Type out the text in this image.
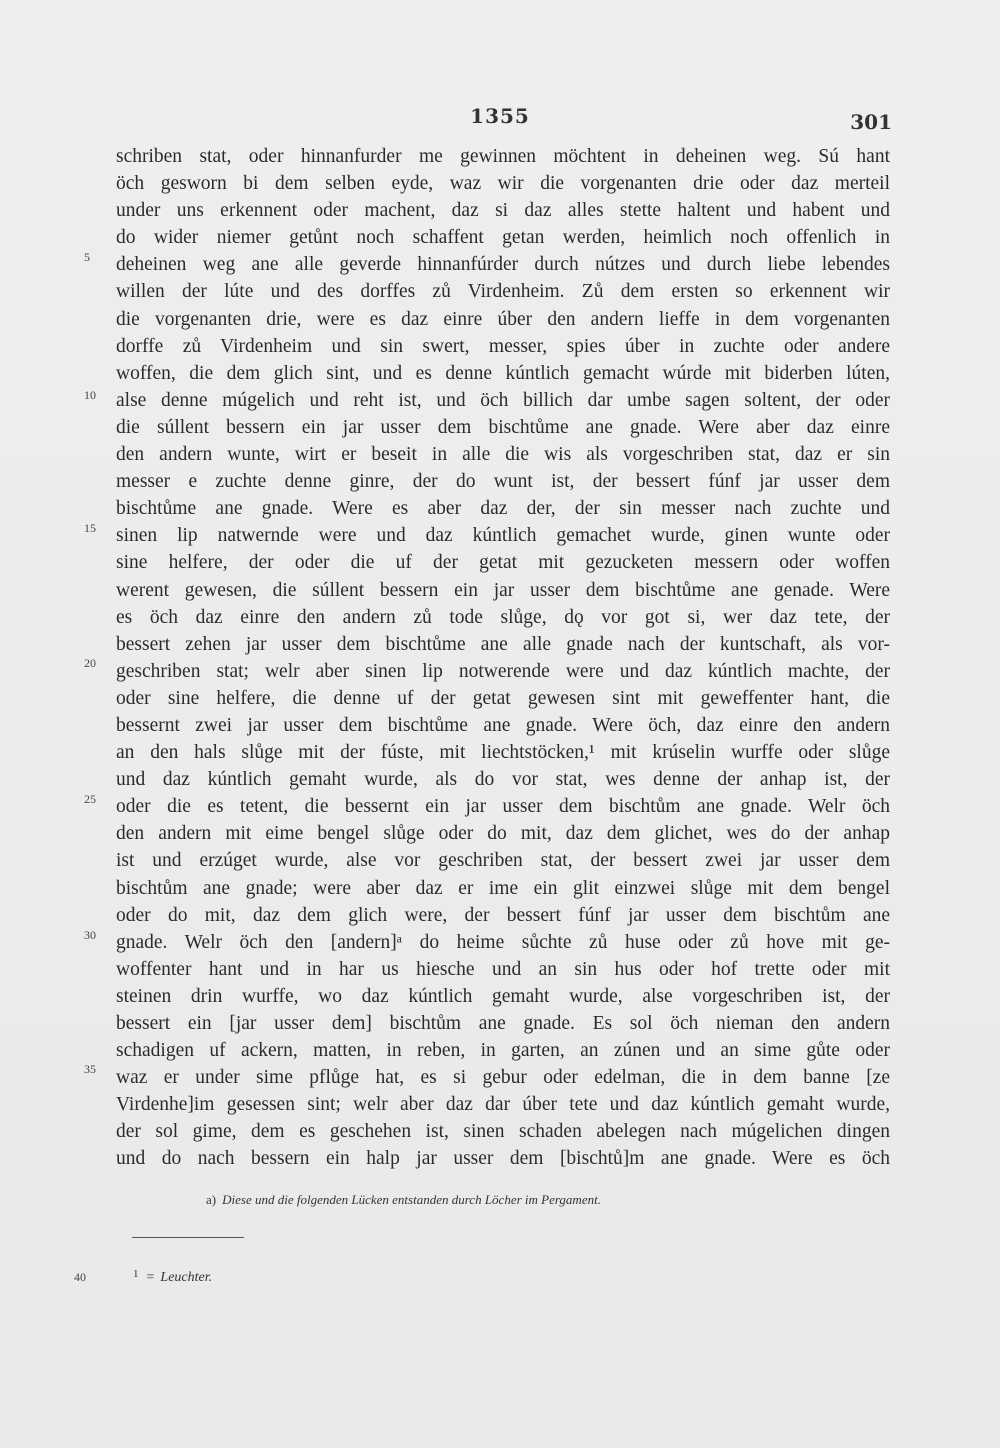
1355	301
schriben stat, oder hinnanfurder me gewinnen möchtent in deheinen weg. Sú hant
öch gesworn bi dem selben eyde, waz wir die vorgenanten drie oder daz merteil
under uns erkennent oder machent, daz si daz alles stette haltent und habent und
do wider niemer getůnt noch schaffent getan werden, heimlich noch offenlich in
deheinen weg ane alle geverde hinnanfúrder durch nútzes und durch liebe lebendes
willen der lúte und des dorffes zů Virdenheim. Zů dem ersten so erkennent wir
die vorgenanten drie, were es daz einre úber den andern lieffe in dem vorgenanten
dorffe zů Virdenheim und sin swert, messer, spies úber in zuchte oder andere
woffen, die dem glich sint, und es denne kúntlich gemacht wúrde mit biderben lúten,
alse denne múgelich und reht ist, und öch billich dar umbe sagen soltent, der oder
die súllent bessern ein jar usser dem bischtůme ane gnade. Were aber daz einre
den andern wunte, wirt er beseit in alle die wis als vorgeschriben stat, daz er sin
messer e zuchte denne ginre, der do wunt ist, der bessert fúnf jar usser dem
bischtůme ane gnade. Were es aber daz der, der sin messer nach zuchte und
sinen lip natwernde were und daz kúntlich gemachet wurde, ginen wunte oder
sine helfere, der oder die uf der getat mit gezucketen messern oder woffen
werent gewesen, die súllent bessern ein jar usser dem bischtůme ane genade. Were
es öch daz einre den andern zů tode slůge, dǫ vor got si, wer daz tete, der
bessert zehen jar usser dem bischtůme ane alle gnade nach der kuntschaft, als vor-
geschriben stat; welr aber sinen lip notwerende were und daz kúntlich machte, der
oder sine helfere, die denne uf der getat gewesen sint mit geweffenter hant, die
bessernt zwei jar usser dem bischtůme ane gnade. Were öch, daz einre den andern
an den hals slůge mit der fúste, mit liechtstöcken,¹ mit krúselin wurffe oder slůge
und daz kúntlich gemaht wurde, als do vor stat, wes denne der anhap ist, der
oder die es tetent, die bessernt ein jar usser dem bischtům ane gnade. Welr öch
den andern mit eime bengel slůge oder do mit, daz dem glichet, wes do der anhap
ist und erzúget wurde, alse vor geschriben stat, der bessert zwei jar usser dem
bischtům ane gnade; were aber daz er ime ein glit einzwei slůge mit dem bengel
oder do mit, daz dem glich were, der bessert fúnf jar usser dem bischtům ane
gnade. Welr öch den [andern]ᵃ do heime sůchte zů huse oder zů hove mit ge-
woffenter hant und in har us hiesche und an sin hus oder hof trette oder mit
steinen drin wurffe, wo daz kúntlich gemaht wurde, alse vorgeschriben ist, der
bessert ein [jar usser dem] bischtům ane gnade. Es sol öch nieman den andern
schadigen uf ackern, matten, in reben, in garten, an zúnen und an sime gůte oder
waz er under sime pflůge hat, es si gebur oder edelman, die in dem banne [ze
Virdenhe]im gesessen sint; welr aber daz dar úber tete und daz kúntlich gemaht wurde,
der sol gime, dem es geschehen ist, sinen schaden abelegen nach múgelichen dingen
und do nach bessern ein halp jar usser dem [bischtů]m ane gnade. Were es öch
5
10
15
20
25
30
35
a) Diese und die folgenden Lücken entstanden durch Löcher im Pergament.
40	$^1$ = Leuchter.
